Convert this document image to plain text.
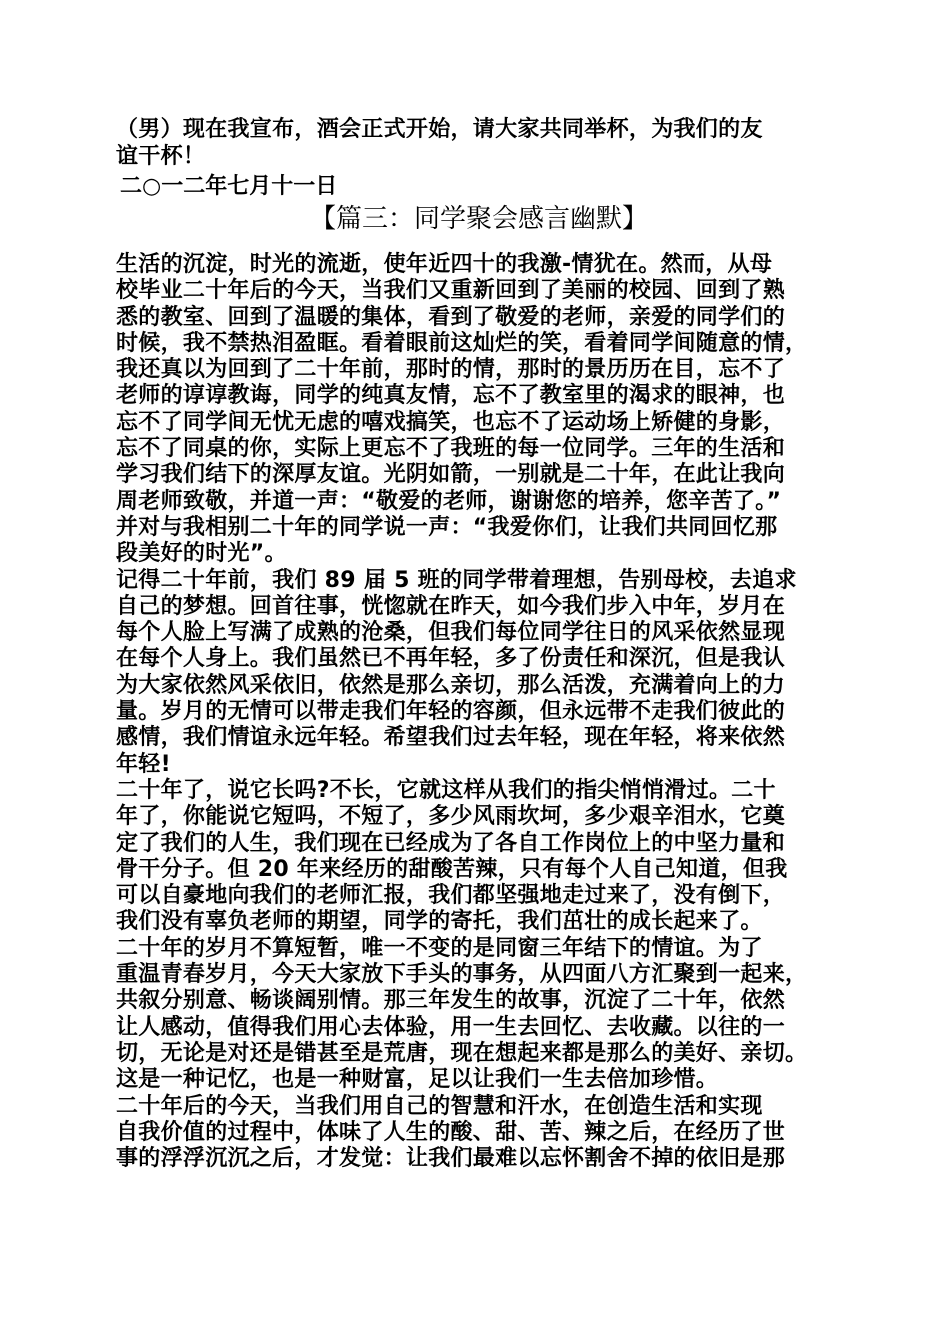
（男）现在我宣布，酒会正式开始，请大家共同举杯，为我们的友
谊干杯！
二○一二年七月十一日
【篇三：同学聚会感言幽默】
生活的沉淀，时光的流逝，使年近四十的我激-情犹在。然而，从母
校毕业二十年后的今天，当我们又重新回到了美丽的校园、回到了熟
悉的教室、回到了温暖的集体，看到了敬爱的老师，亲爱的同学们的
时候，我不禁热泪盈眶。看着眼前这灿烂的笑，看着同学间随意的情，
我还真以为回到了二十年前，那时的情，那时的景历历在目，忘不了
老师的谆谆教诲，同学的纯真友情，忘不了教室里的渴求的眼神，也
忘不了同学间无忧无虑的嘻戏搞笑，也忘不了运动场上矫健的身影，
忘不了同桌的你，实际上更忘不了我班的每一位同学。三年的生活和
学习我们结下的深厚友谊。光阴如箭，一别就是二十年，在此让我向
周老师致敬，并道一声：“敬爱的老师，谢谢您的培养，您辛苦了。”
并对与我相别二十年的同学说一声：“我爱你们，让我们共同回忆那
段美好的时光”。
记得二十年前，我们 89 届 5 班的同学带着理想，告别母校，去追求
自己的梦想。回首往事，恍惚就在昨天，如今我们步入中年，岁月在
每个人脸上写满了成熟的沧桑，但我们每位同学往日的风采依然显现
在每个人身上。我们虽然已不再年轻，多了份责任和深沉，但是我认
为大家依然风采依旧，依然是那么亲切，那么活泼，充满着向上的力
量。岁月的无情可以带走我们年轻的容颜，但永远带不走我们彼此的
感情，我们情谊永远年轻。希望我们过去年轻，现在年轻，将来依然
年轻!
二十年了，说它长吗?不长，它就这样从我们的指尖悄悄滑过。二十
年了，你能说它短吗，不短了，多少风雨坎坷，多少艰辛泪水，它奠
定了我们的人生，我们现在已经成为了各自工作岗位上的中坚力量和
骨干分子。但 20 年来经历的甜酸苦辣，只有每个人自己知道，但我
可以自豪地向我们的老师汇报，我们都坚强地走过来了，没有倒下，
我们没有辜负老师的期望，同学的寄托，我们茁壮的成长起来了。
二十年的岁月不算短暂，唯一不变的是同窗三年结下的情谊。为了
重温青春岁月，今天大家放下手头的事务，从四面八方汇聚到一起来，
共叙分别意、畅谈阔别情。那三年发生的故事，沉淀了二十年，依然
让人感动，值得我们用心去体验，用一生去回忆、去收藏。以往的一
切，无论是对还是错甚至是荒唐，现在想起来都是那么的美好、亲切。
这是一种记忆，也是一种财富，足以让我们一生去倍加珍惜。
二十年后的今天，当我们用自己的智慧和汗水，在创造生活和实现
自我价值的过程中，体味了人生的酸、甜、苦、辣之后，在经历了世
事的浮浮沉沉之后，才发觉：让我们最难以忘怀割舍不掉的依旧是那
